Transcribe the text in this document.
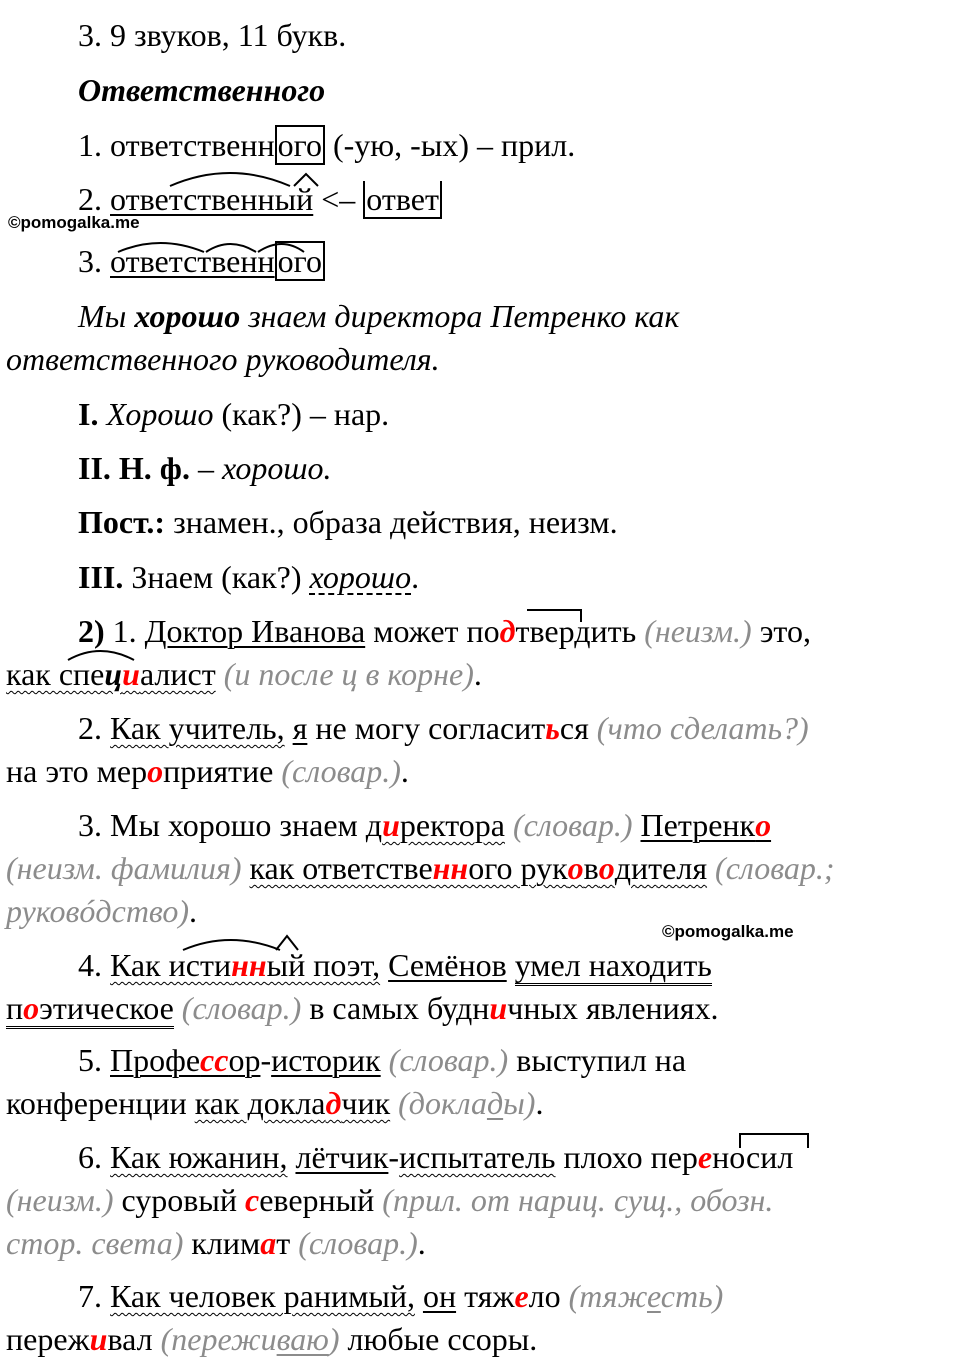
3. 9 звуков, 11 букв.
Ответственного
1. ответственного (-ую, -ых) – прил.
2. ответственный <– ответ
3. ответственного
Мы хорошо знаем директора Петренко как
ответственного руководителя.
I. Хорошо (как?) – нар.
II. Н. ф. – хорошо.
Пост.: знамен., образа действия, неизм.
III. Знаем (как?) хорошо.
2) 1. Доктор Иванова может подтвердить (неизм.) это,
как специалист (и после ц в корне).
2. Как учитель, я не могу согласиться (что сделать?)
на это мероприятие (словар.).
3. Мы хорошо знаем директора (словар.) Петренко
(неизм. фамилия) как ответственного руководителя (словар.;
руковóдство).
4. Как истинный поэт, Семёнов умел находить
поэтическое (словар.) в самых будничных явлениях.
5. Профессор-историк (словар.) выступил на
конференции как докладчик (доклады).
6. Как южанин, лётчик-испытатель плохо переносил
(неизм.) суровый северный (прил. от нариц. сущ., обозн.
стор. света) климат (словар.).
7. Как человек ранимый, он тяжело (тяжесть)
переживал (переживаю) любые ссоры.
©pomogalka.me
©pomogalka.me
